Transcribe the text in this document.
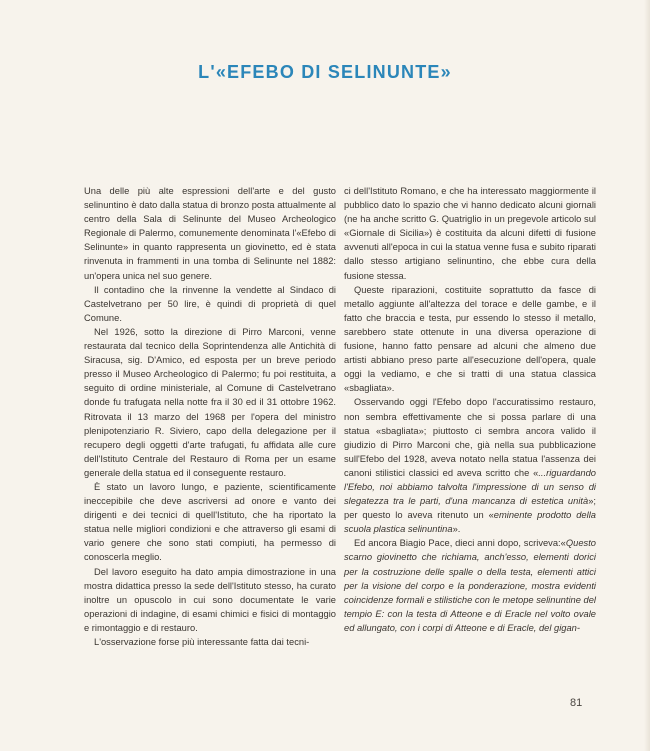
L'«EFEBO DI SELINUNTE»

Una delle più alte espressioni dell'arte e del gusto selinuntino è dato dalla statua di bronzo posta attualmente al centro della Sala di Selinunte del Museo Archeologico Regionale di Palermo, comunemente denominata l'«Efebo di Selinunte» in quanto rappresenta un giovinetto, ed è stata rinvenuta in frammenti in una tomba di Selinunte nel 1882: un'opera unica nel suo genere.

Il contadino che la rinvenne la vendette al Sindaco di Castelvetrano per 50 lire, è quindi di proprietà di quel Comune.

Nel 1926, sotto la direzione di Pirro Marconi, venne restaurata dal tecnico della Soprintendenza alle Antichità di Siracusa, sig. D'Amico, ed esposta per un breve periodo presso il Museo Archeologico di Palermo; fu poi restituita, a seguito di ordine ministeriale, al Comune di Castelvetrano donde fu trafugata nella notte fra il 30 ed il 31 ottobre 1962. Ritrovata il 13 marzo del 1968 per l'opera del ministro plenipotenziario R. Siviero, capo della delegazione per il recupero degli oggetti d'arte trafugati, fu affidata alle cure dell'Istituto Centrale del Restauro di Roma per un esame generale della statua ed il conseguente restauro.

È stato un lavoro lungo, e paziente, scientificamente ineccepibile che deve ascriversi ad onore e vanto dei dirigenti e dei tecnici di quell'Istituto, che ha riportato la statua nelle migliori condizioni e che attraverso gli esami di vario genere che sono stati compiuti, ha permesso di conoscerla meglio.

Del lavoro eseguito ha dato ampia dimostrazione in una mostra didattica presso la sede dell'Istituto stesso, ha curato inoltre un opuscolo in cui sono documentate le varie operazioni di indagine, di esami chimici e fisici di montaggio e rimontaggio e di restauro.

L'osservazione forse più interessante fatta dai tecni-

ci dell'Istituto Romano, e che ha interessato maggiormente il pubblico dato lo spazio che vi hanno dedicato alcuni giornali (ne ha anche scritto G. Quatriglio in un pregevole articolo sul «Giornale di Sicilia») è costituita da alcuni difetti di fusione avvenuti all'epoca in cui la statua venne fusa e subito riparati dallo stesso artigiano selinuntino, che ebbe cura della fusione stessa.

Queste riparazioni, costituite soprattutto da fasce di metallo aggiunte all'altezza del torace e delle gambe, e il fatto che braccia e testa, pur essendo lo stesso il metallo, sarebbero state ottenute in una diversa operazione di fusione, hanno fatto pensare ad alcuni che almeno due artisti abbiano preso parte all'esecuzione dell'opera, quale oggi la vediamo, e che si tratti di una statua classica «sbagliata».

Osservando oggi l'Efebo dopo l'accuratissimo restauro, non sembra effettivamente che si possa parlare di una statua «sbagliata»; piuttosto ci sembra ancora valido il giudizio di Pirro Marconi che, già nella sua pubblicazione sull'Efebo del 1928, aveva notato nella statua l'assenza dei canoni stilistici classici ed aveva scritto che «...riguardando l'Efebo, noi abbiamo talvolta l'impressione di un senso di slegatezza tra le parti, d'una mancanza di estetica unità»; per questo lo aveva ritenuto un «eminente prodotto della scuola plastica selinuntina».

Ed ancora Biagio Pace, dieci anni dopo, scriveva:«Questo scarno giovinetto che richiama, anch'esso, elementi dorici per la costruzione delle spalle o della testa, elementi attici per la visione del corpo e la ponderazione, mostra evidenti coincidenze formali e stilistiche con le metope selinuntine del tempio E: con la testa di Atteone e di Eracle nel volto ovale ed allungato, con i corpi di Atteone e di Eracle, del gigan-

81
